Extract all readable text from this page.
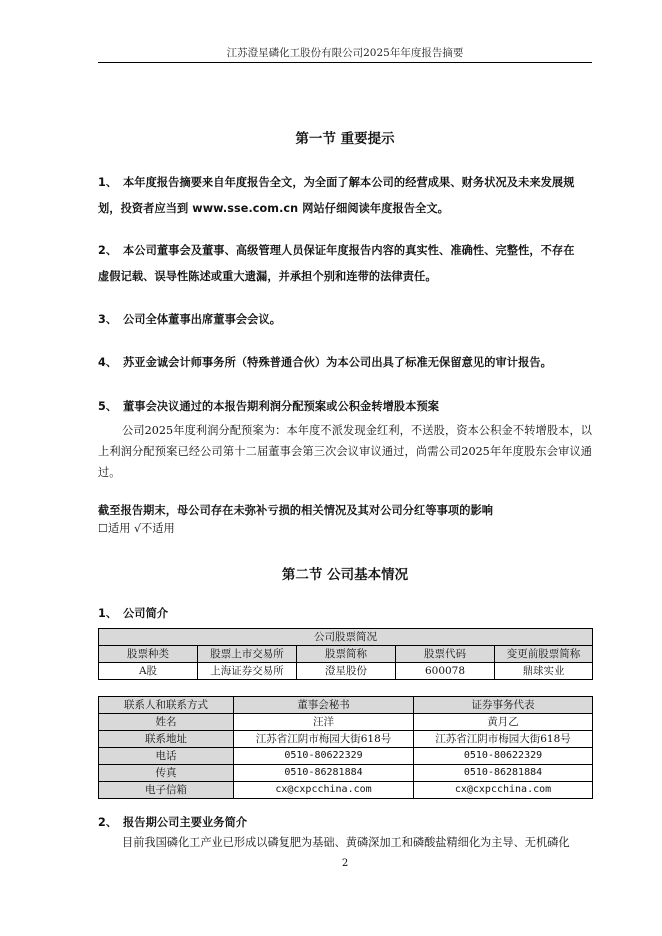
江苏澄星磷化工股份有限公司2025年年度报告摘要
第一节 重要提示
1、 本年度报告摘要来自年度报告全文，为全面了解本公司的经营成果、财务状况及未来发展规
划，投资者应当到 www.sse.com.cn 网站仔细阅读年度报告全文。
2、 本公司董事会及董事、高级管理人员保证年度报告内容的真实性、准确性、完整性，不存在
虚假记载、误导性陈述或重大遗漏，并承担个别和连带的法律责任。
3、 公司全体董事出席董事会会议。
4、 苏亚金诚会计师事务所（特殊普通合伙）为本公司出具了标准无保留意见的审计报告。
5、 董事会决议通过的本报告期利润分配预案或公积金转增股本预案
公司2025年度利润分配预案为：本年度不派发现金红利，不送股，资本公积金不转增股本，以上利润分配预案已经公司第十二届董事会第三次会议审议通过，尚需公司2025年年度股东会审议通过。
截至报告期末，母公司存在未弥补亏损的相关情况及其对公司分红等事项的影响
☐适用 √不适用
第二节 公司基本情况
1、 公司简介
公司股票简况				
股票种类	股票上市交易所	股票简称	股票代码	变更前股票简称
A股	上海证券交易所	澄星股份	600078	鼎球实业
联系人和联系方式	董事会秘书	证券事务代表
姓名	汪洋	黄月乙
联系地址	江苏省江阴市梅园大街618号	江苏省江阴市梅园大街618号
电话	0510-80622329	0510-80622329
传真	0510-86281884	0510-86281884
电子信箱	cx@cxpcchina.com	cx@cxpcchina.com
2、 报告期公司主要业务简介
目前我国磷化工产业已形成以磷复肥为基础、黄磷深加工和磷酸盐精细化为主导、无机磷化
2
